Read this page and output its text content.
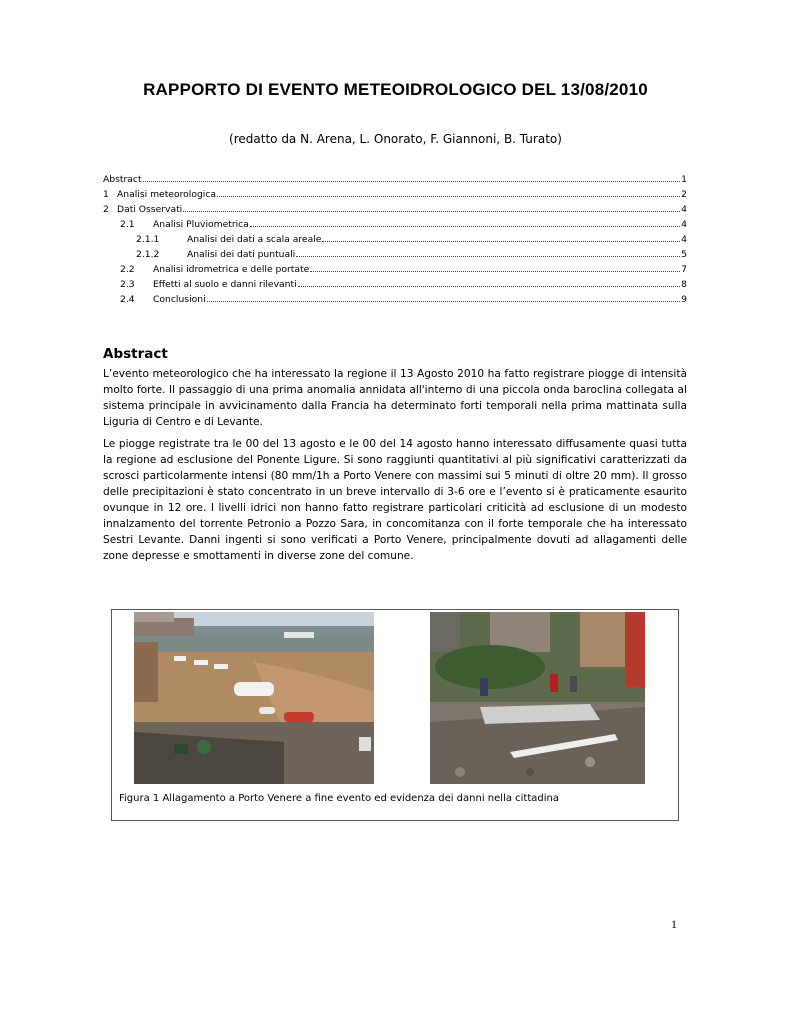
RAPPORTO DI EVENTO METEOIDROLOGICO DEL 13/08/2010
(redatto da N. Arena, L. Onorato, F. Giannoni, B. Turato)
Abstract	1
1 Analisi meteorologica	2
2 Dati Osservati	4
2.1	Analisi Pluviometrica	4
2.1.1	Analisi dei dati a scala areale	4
2.1.2	Analisi dei dati puntuali	5
2.2	Analisi idrometrica e delle portate	7
2.3	Effetti al suolo e danni rilevanti	8
2.4	Conclusioni	9
Abstract

L’evento meteorologico che ha interessato la regione il 13 Agosto 2010 ha fatto registrare piogge di intensità molto forte. Il passaggio di una prima anomalia annidata all'interno di una piccola onda baroclina collegata al sistema principale in avvicinamento dalla Francia ha determinato forti temporali nella prima mattinata sulla Liguria di Centro e di Levante.

Le piogge registrate tra le 00 del 13 agosto e le 00 del 14 agosto hanno interessato diffusamente quasi tutta la regione ad esclusione del Ponente Ligure. Si sono raggiunti quantitativi al più significativi caratterizzati da scrosci particolarmente intensi (80 mm/1h a Porto Venere con massimi sui 5 minuti di oltre 20 mm). Il grosso delle precipitazioni è stato concentrato in un breve intervallo di 3-6 ore e l’evento si è praticamente esaurito ovunque in 12 ore. I livelli idrici non hanno fatto registrare particolari criticità ad esclusione di un modesto innalzamento del torrente Petronio a Pozzo Sara, in concomitanza con il forte temporale che ha interessato Sestri Levante. Danni ingenti si sono verificati a Porto Venere, principalmente dovuti ad allagamenti delle zone depresse e smottamenti in diverse zone del comune.

Figura 1 Allagamento a Porto Venere a fine evento ed evidenza dei danni nella cittadina
1
